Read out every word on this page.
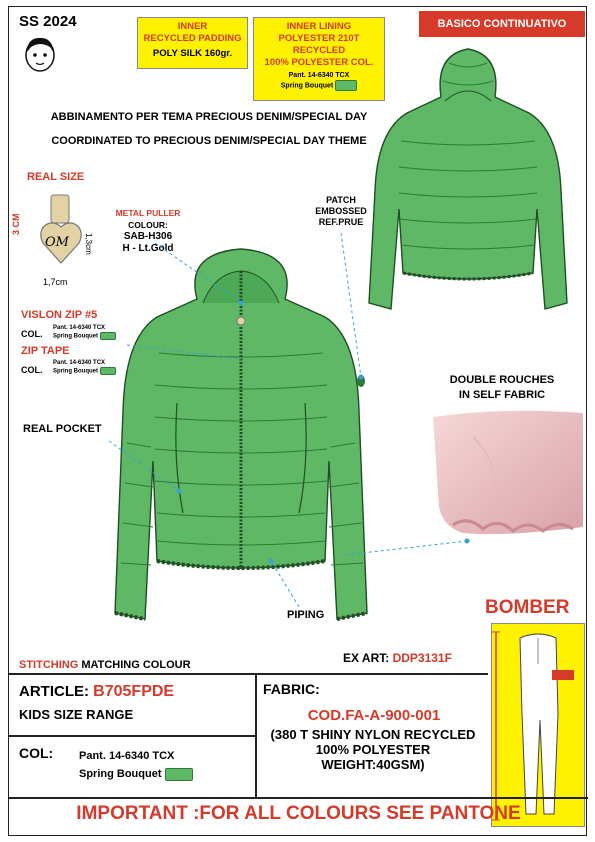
SS 2024	INNER
RECYCLED PADDING
POLY SILK 160gr.
INNER LINING
POLYESTER 210T
RECYCLED
100% POLYESTER COL.
Pant. 14-6340 TCX
Spring Bouquet
BASICO CONTINUATIVO
ABBINAMENTO PER TEMA PRECIOUS DENIM/SPECIAL DAY
COORDINATED TO PRECIOUS DENIM/SPECIAL DAY THEME
REAL SIZE
3 CM
OM 1,3cm
1,7cm
METAL PULLER
COLOUR:
SAB-H306
H - Lt.Gold
PATCH
EMBOSSED
REF.PRUE
VISLON ZIP #5
COL.
Pant. 14-6340 TCX
Spring Bouquet
ZIP TAPE
COL.
Pant. 14-6340 TCX
Spring Bouquet
REAL POCKET
DOUBLE ROUCHES
IN SELF FABRIC
PIPING	BOMBER
STITCHING MATCHING COLOUR	EX ART: DDP3131F
ARTICLE: B705FPDE
KIDS SIZE RANGE
FABRIC:
COD.FA-A-900-001
(380 T SHINY NYLON RECYCLED
100% POLYESTER
WEIGHT:40GSM)
COL: Pant. 14-6340 TCX
Spring Bouquet
IMPORTANT :FOR ALL COLOURS SEE PANTONE
